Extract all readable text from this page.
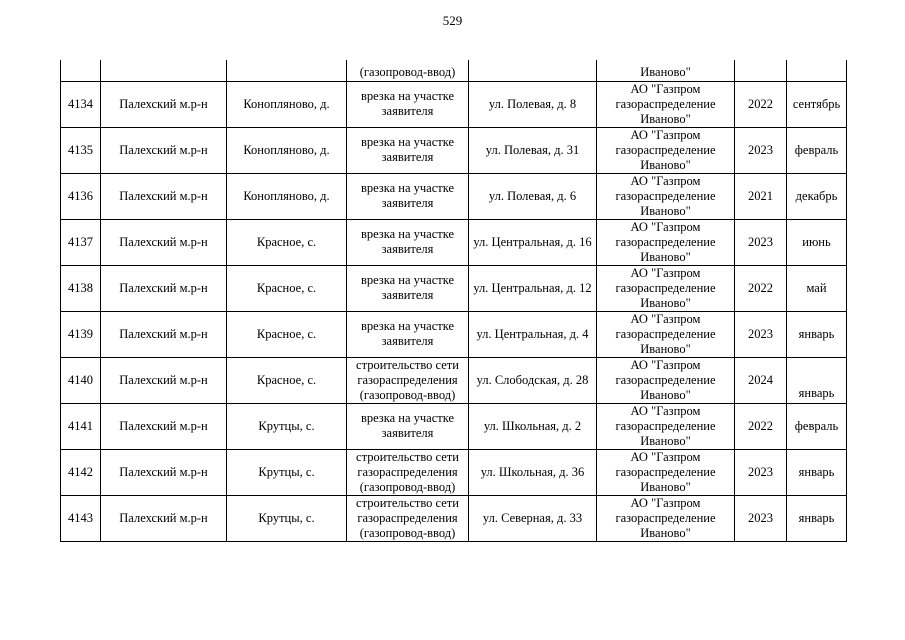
529
			(газопровод-ввод)		Иваново"		
4134	Палехский м.р-н	Конопляново, д.	врезка на участке заявителя	ул. Полевая, д. 8	АО "Газпром газораспределение Иваново"	2022	сентябрь
4135	Палехский м.р-н	Конопляново, д.	врезка на участке заявителя	ул. Полевая, д. 31	АО "Газпром газораспределение Иваново"	2023	февраль
4136	Палехский м.р-н	Конопляново, д.	врезка на участке заявителя	ул. Полевая, д. 6	АО "Газпром газораспределение Иваново"	2021	декабрь
4137	Палехский м.р-н	Красное, с.	врезка на участке заявителя	ул. Центральная, д. 16	АО "Газпром газораспределение Иваново"	2023	июнь
4138	Палехский м.р-н	Красное, с.	врезка на участке заявителя	ул. Центральная, д. 12	АО "Газпром газораспределение Иваново"	2022	май
4139	Палехский м.р-н	Красное, с.	врезка на участке заявителя	ул. Центральная, д. 4	АО "Газпром газораспределение Иваново"	2023	январь
4140	Палехский м.р-н	Красное, с.	строительство сети газораспределения (газопровод-ввод)	ул. Слободская, д. 28	АО "Газпром газораспределение Иваново"	2024	январь
4141	Палехский м.р-н	Крутцы, с.	врезка на участке заявителя	ул. Школьная, д. 2	АО "Газпром газораспределение Иваново"	2022	февраль
4142	Палехский м.р-н	Крутцы, с.	строительство сети газораспределения (газопровод-ввод)	ул. Школьная, д. 36	АО "Газпром газораспределение Иваново"	2023	январь
4143	Палехский м.р-н	Крутцы, с.	строительство сети газораспределения (газопровод-ввод)	ул. Северная, д. 33	АО "Газпром газораспределение Иваново"	2023	январь
